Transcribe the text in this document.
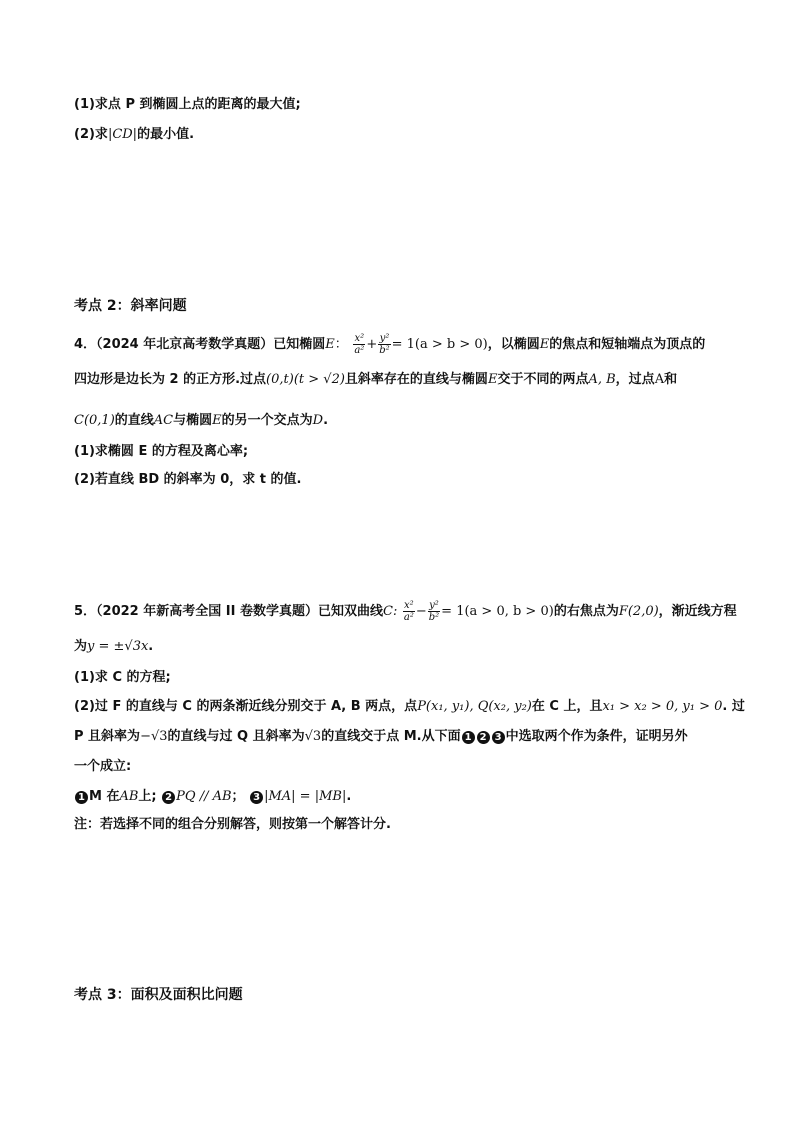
(1)求点 P 到椭圆上点的距离的最大值;
(2)求|CD|的最小值.
考点 2：斜率问题
4．（2024 年北京高考数学真题）已知椭圆E： $\frac{\text{x²}}{\text{a²}} + \frac{\text{y²}}{\text{b²}} = 1(a > b > 0)$，以椭圆E的焦点和短轴端点为顶点的
四边形是边长为 2 的正方形.过点(0,t)(t > √2)且斜率存在的直线与椭圆E交于不同的两点A, B，过点A和
C(0,1)的直线AC与椭圆E的另一个交点为D.
(1)求椭圆 E 的方程及离心率;
(2)若直线 BD 的斜率为 0，求 t 的值.
5．（2022 年新高考全国 II 卷数学真题）已知双曲线C: $\frac{\text{x²}}{\text{a²}} - \frac{\text{y²}}{\text{b²}} = 1(a > 0$, b > 0)的右焦点为F(2,0)，渐近线方程
为y = ±√3x.
(1)求 C 的方程;
(2)过 F 的直线与 C 的两条渐近线分别交于 A, B 两点，点P(x₁, y₁), Q(x₂, y₂)在 C 上，且x₁ > x₂ > 0, y₁ > 0. 过
P 且斜率为−√3的直线与过 Q 且斜率为√3的直线交于点 M.从下面 1 2 3 中选取两个作为条件，证明另外
一个成立:
1 M 在AB上; 2 PQ // AB； 3 |MA| = |MB|.
注：若选择不同的组合分别解答，则按第一个解答计分.
考点 3：面积及面积比问题
